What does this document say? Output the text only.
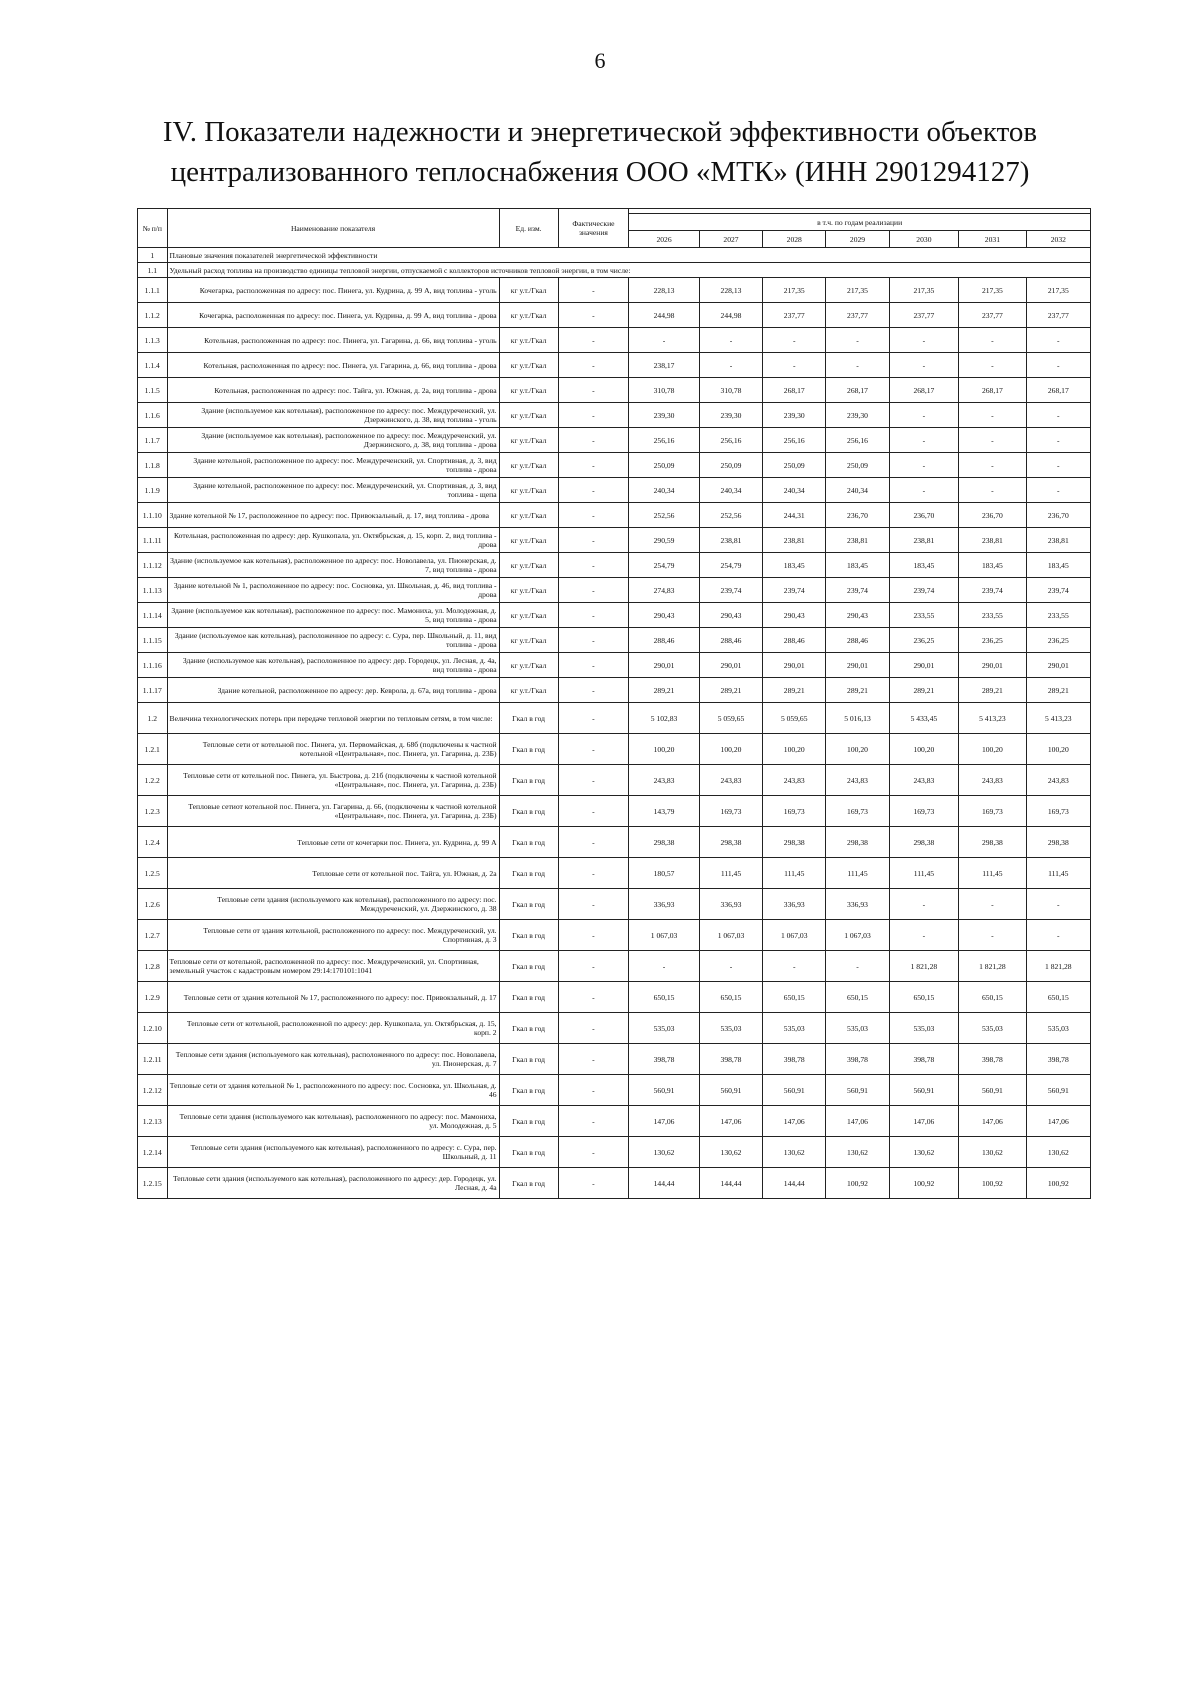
6
IV. Показатели надежности и энергетической эффективности объектов
централизованного теплоснабжения ООО «МТК» (ИНН 2901294127)
№ п/п	Наименование показателя	Ед. изм.	Фактические значения							
				в т.ч. по годам реализации						
				2026	2027	2028	2029	2030	2031	2032
1	Плановые значения показателей энергетической эффективности									
1.1	Удельный расход топлива на производство единицы тепловой энергии, отпускаемой с коллекторов источников тепловой энергии, в том числе:									
1.1.1	Кочегарка, расположенная по адресу: пос. Пинега, ул. Кудрина, д. 99 А, вид топлива - уголь	кг у.т./Гкал	-	228,13	228,13	217,35	217,35	217,35	217,35	217,35
1.1.2	Кочегарка, расположенная по адресу: пос. Пинега, ул. Кудрина, д. 99 А, вид топлива - дрова	кг у.т./Гкал	-	244,98	244,98	237,77	237,77	237,77	237,77	237,77
1.1.3	Котельная, расположенная по адресу: пос. Пинега, ул. Гагарина, д. 66, вид топлива - уголь	кг у.т./Гкал	-	-	-	-	-	-	-	-
1.1.4	Котельная, расположенная по адресу: пос. Пинега, ул. Гагарина, д. 66, вид топлива - дрова	кг у.т./Гкал	-	238,17	-	-	-	-	-	-
1.1.5	Котельная, расположенная по адресу: пос. Тайга, ул. Южная, д. 2а, вид топлива - дрова	кг у.т./Гкал	-	310,78	310,78	268,17	268,17	268,17	268,17	268,17
1.1.6	Здание (используемое как котельная), расположенное по адресу: пос. Междуреченский, ул. Дзержинского, д. 38, вид топлива - уголь	кг у.т./Гкал	-	239,30	239,30	239,30	239,30	-	-	-
1.1.7	Здание (используемое как котельная), расположенное по адресу: пос. Междуреченский, ул. Дзержинского, д. 38, вид топлива - дрова	кг у.т./Гкал	-	256,16	256,16	256,16	256,16	-	-	-
1.1.8	Здание котельной, расположенное по адресу: пос. Междуреченский, ул. Спортивная, д. 3, вид топлива - дрова	кг у.т./Гкал	-	250,09	250,09	250,09	250,09	-	-	-
1.1.9	Здание котельной, расположенное по адресу: пос. Междуреченский, ул. Спортивная, д. 3, вид топлива - щепа	кг у.т./Гкал	-	240,34	240,34	240,34	240,34	-	-	-
1.1.10	Здание котельной № 17, расположенное по адресу: пос. Привокзальный, д. 17, вид топлива - дрова	кг у.т./Гкал	-	252,56	252,56	244,31	236,70	236,70	236,70	236,70
1.1.11	Котельная, расположенная по адресу: дер. Кушкопала, ул. Октябрьская, д. 15, корп. 2, вид топлива - дрова	кг у.т./Гкал	-	290,59	238,81	238,81	238,81	238,81	238,81	238,81
1.1.12	Здание (используемое как котельная), расположенное по адресу: пос. Новолавела, ул. Пионерская, д. 7, вид топлива - дрова	кг у.т./Гкал	-	254,79	254,79	183,45	183,45	183,45	183,45	183,45
1.1.13	Здание котельной № 1, расположенное по адресу: пос. Сосновка, ул. Школьная, д. 46, вид топлива - дрова	кг у.т./Гкал	-	274,83	239,74	239,74	239,74	239,74	239,74	239,74
1.1.14	Здание (используемое как котельная), расположенное по адресу: пос. Мамониха, ул. Молодежная, д. 5, вид топлива - дрова	кг у.т./Гкал	-	290,43	290,43	290,43	290,43	233,55	233,55	233,55
1.1.15	Здание (используемое как котельная), расположенное по адресу: с. Сура, пер. Школьный, д. 11, вид топлива - дрова	кг у.т./Гкал	-	288,46	288,46	288,46	288,46	236,25	236,25	236,25
1.1.16	Здание (используемое как котельная), расположенное по адресу: дер. Городецк, ул. Лесная, д. 4а, вид топлива - дрова	кг у.т./Гкал	-	290,01	290,01	290,01	290,01	290,01	290,01	290,01
1.1.17	Здание котельной, расположенное по адресу: дер. Кеврола, д. 67а, вид топлива - дрова	кг у.т./Гкал	-	289,21	289,21	289,21	289,21	289,21	289,21	289,21
1.2	Величина технологических потерь при передаче тепловой энергии по тепловым сетям, в том числе:	Гкал в год	-	5 102,83	5 059,65	5 059,65	5 016,13	5 433,45	5 413,23	5 413,23
1.2.1	Тепловые сети от котельной пос. Пинега, ул. Первомайская, д. 68б (подключены к частной котельной «Центральная», пос. Пинега, ул. Гагарина, д. 23Б)	Гкал в год	-	100,20	100,20	100,20	100,20	100,20	100,20	100,20
1.2.2	Тепловые сети от котельной пос. Пинега, ул. Быстрова, д. 21б (подключены к частной котельной «Центральная», пос. Пинега, ул. Гагарина, д. 23Б)	Гкал в год	-	243,83	243,83	243,83	243,83	243,83	243,83	243,83
1.2.3	Тепловые сетиот котельной пос. Пинега, ул. Гагарина, д. 66, (подключены к частной котельной «Центральная», пос. Пинега, ул. Гагарина, д. 23Б)	Гкал в год	-	143,79	169,73	169,73	169,73	169,73	169,73	169,73
1.2.4	Тепловые сети от кочегарки пос. Пинега, ул. Кудрина, д. 99 А	Гкал в год	-	298,38	298,38	298,38	298,38	298,38	298,38	298,38
1.2.5	Тепловые сети от котельной пос. Тайга, ул. Южная, д. 2а	Гкал в год	-	180,57	111,45	111,45	111,45	111,45	111,45	111,45
1.2.6	Тепловые сети здания (используемого как котельная), расположенного по адресу: пос. Междуреченский, ул. Дзержинского, д. 38	Гкал в год	-	336,93	336,93	336,93	336,93	-	-	-
1.2.7	Тепловые сети от здания котельной, расположенного по адресу: пос. Междуреченский, ул. Спортивная, д. 3	Гкал в год	-	1 067,03	1 067,03	1 067,03	1 067,03	-	-	-
1.2.8	Тепловые сети от котельной, расположенной по адресу: пос. Междуреченский, ул. Спортивная, земельный участок с кадастровым номером 29:14:170101:1041	Гкал в год	-	-	-	-	-	1 821,28	1 821,28	1 821,28
1.2.9	Тепловые сети от здания котельной № 17, расположенного по адресу: пос. Привокзальный, д. 17	Гкал в год	-	650,15	650,15	650,15	650,15	650,15	650,15	650,15
1.2.10	Тепловые сети от котельной, расположенной по адресу: дер. Кушкопала, ул. Октябрьская, д. 15, корп. 2	Гкал в год	-	535,03	535,03	535,03	535,03	535,03	535,03	535,03
1.2.11	Тепловые сети здания (используемого как котельная), расположенного по адресу: пос. Новолавела, ул. Пионерская, д. 7	Гкал в год	-	398,78	398,78	398,78	398,78	398,78	398,78	398,78
1.2.12	Тепловые сети от здания котельной № 1, расположенного по адресу: пос. Сосновка, ул. Школьная, д. 46	Гкал в год	-	560,91	560,91	560,91	560,91	560,91	560,91	560,91
1.2.13	Тепловые сети здания (используемого как котельная), расположенного по адресу: пос. Мамониха, ул. Молодежная, д. 5	Гкал в год	-	147,06	147,06	147,06	147,06	147,06	147,06	147,06
1.2.14	Тепловые сети здания (используемого как котельная), расположенного по адресу: с. Сура, пер. Школьный, д. 11	Гкал в год	-	130,62	130,62	130,62	130,62	130,62	130,62	130,62
1.2.15	Тепловые сети здания (используемого как котельная), расположенного по адресу: дер. Городецк, ул. Лесная, д. 4а	Гкал в год	-	144,44	144,44	144,44	100,92	100,92	100,92	100,92
